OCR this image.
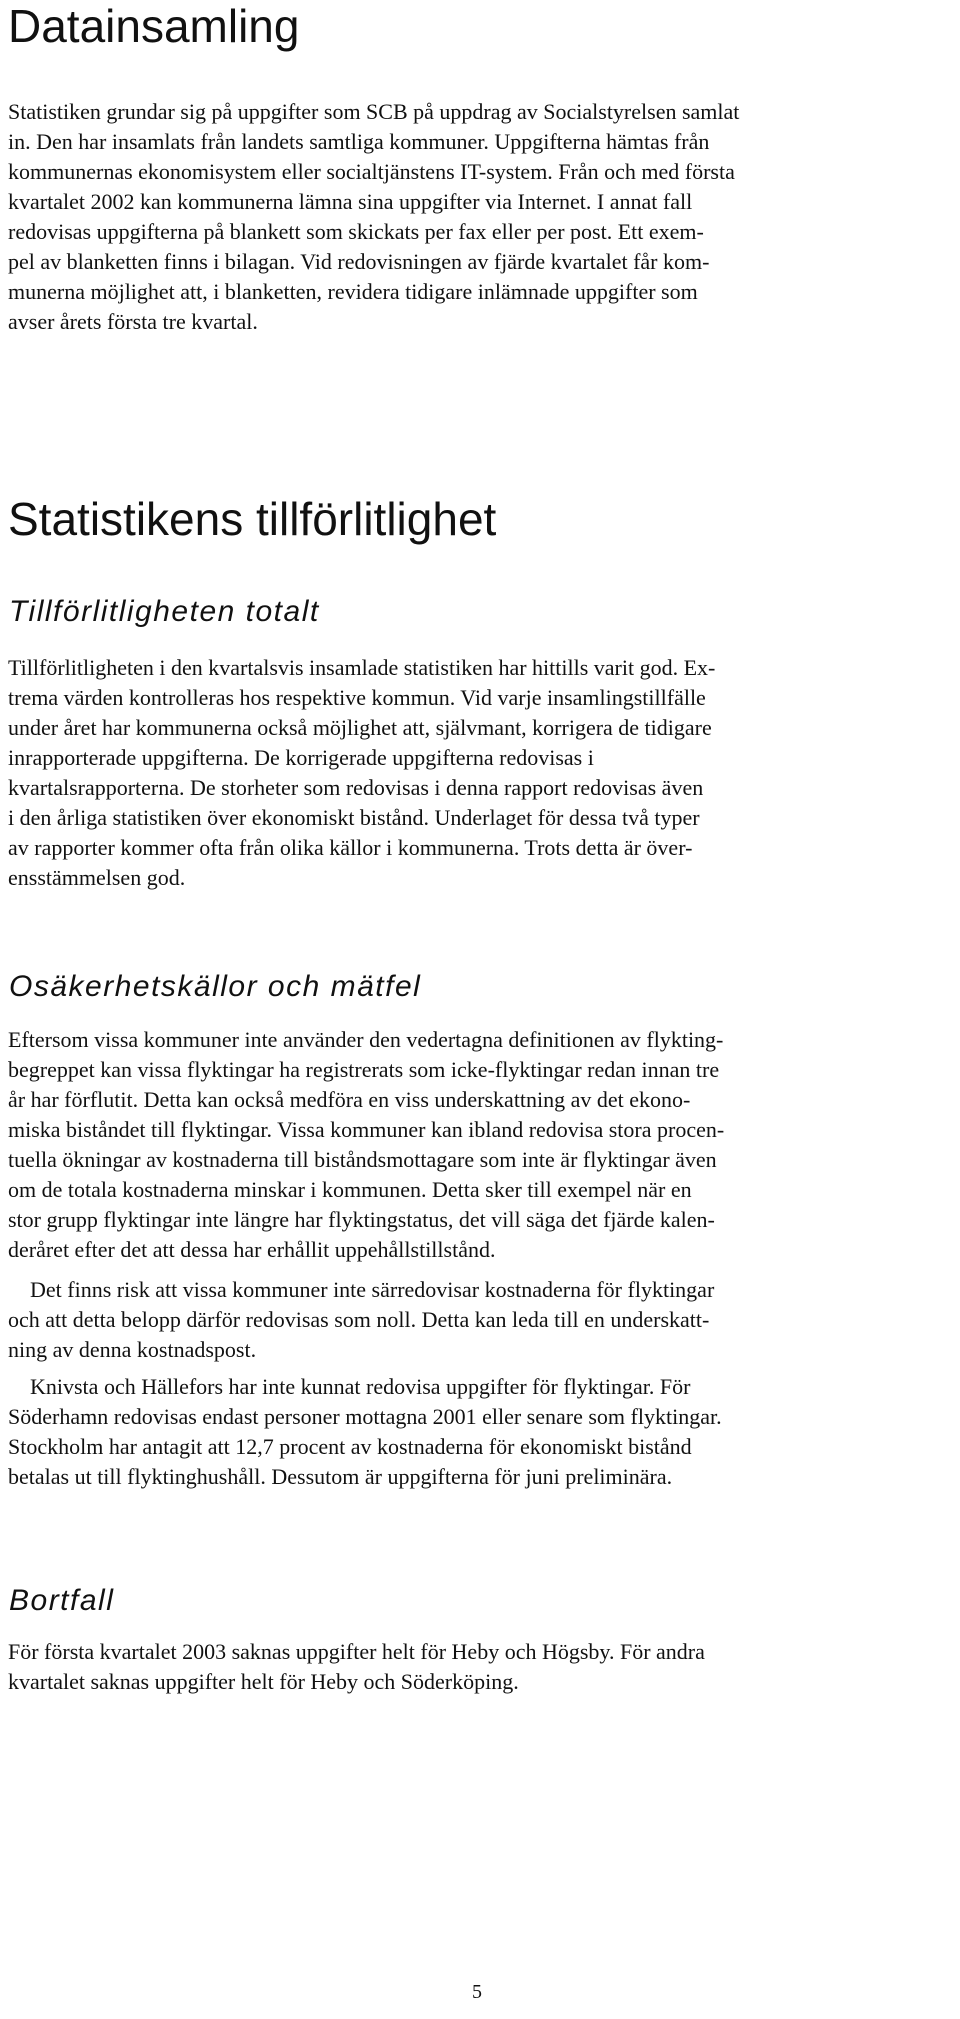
Datainsamling

Statistiken grundar sig på uppgifter som SCB på uppdrag av Socialstyrelsen samlat
in. Den har insamlats från landets samtliga kommuner. Uppgifterna hämtas från
kommunernas ekonomisystem eller socialtjänstens IT-system. Från och med första
kvartalet 2002 kan kommunerna lämna sina uppgifter via Internet. I annat fall
redovisas uppgifterna på blankett som skickats per fax eller per post. Ett exem-
pel av blanketten finns i bilagan. Vid redovisningen av fjärde kvartalet får kom-
munerna möjlighet att, i blanketten, revidera tidigare inlämnade uppgifter som
avser årets första tre kvartal.

Statistikens tillförlitlighet
Tillförlitligheten totalt

Tillförlitligheten i den kvartalsvis insamlade statistiken har hittills varit god. Ex-
trema värden kontrolleras hos respektive kommun. Vid varje insamlingstillfälle
under året har kommunerna också möjlighet att, självmant, korrigera de tidigare
inrapporterade uppgifterna. De korrigerade uppgifterna redovisas i
kvartalsrapporterna. De storheter som redovisas i denna rapport redovisas även
i den årliga statistiken över ekonomiskt bistånd. Underlaget för dessa två typer
av rapporter kommer ofta från olika källor i kommunerna. Trots detta är över-
ensstämmelsen god.

Osäkerhetskällor och mätfel

Eftersom vissa kommuner inte använder den vedertagna definitionen av flykting-
begreppet kan vissa flyktingar ha registrerats som icke-flyktingar redan innan tre
år har förflutit. Detta kan också medföra en viss underskattning av det ekono-
miska biståndet till flyktingar. Vissa kommuner kan ibland redovisa stora procen-
tuella ökningar av kostnaderna till biståndsmottagare som inte är flyktingar även
om de totala kostnaderna minskar i kommunen. Detta sker till exempel när en
stor grupp flyktingar inte längre har flyktingstatus, det vill säga det fjärde kalen-
deråret efter det att dessa har erhållit uppehållstillstånd.

Det finns risk att vissa kommuner inte särredovisar kostnaderna för flyktingar
och att detta belopp därför redovisas som noll. Detta kan leda till en underskatt-
ning av denna kostnadspost.

Knivsta och Hällefors har inte kunnat redovisa uppgifter för flyktingar. För
Söderhamn redovisas endast personer mottagna 2001 eller senare som flyktingar.
Stockholm har antagit att 12,7 procent av kostnaderna för ekonomiskt bistånd
betalas ut till flyktinghushåll. Dessutom är uppgifterna för juni preliminära.

Bortfall

För första kvartalet 2003 saknas uppgifter helt för Heby och Högsby. För andra
kvartalet saknas uppgifter helt för Heby och Söderköping.

5
